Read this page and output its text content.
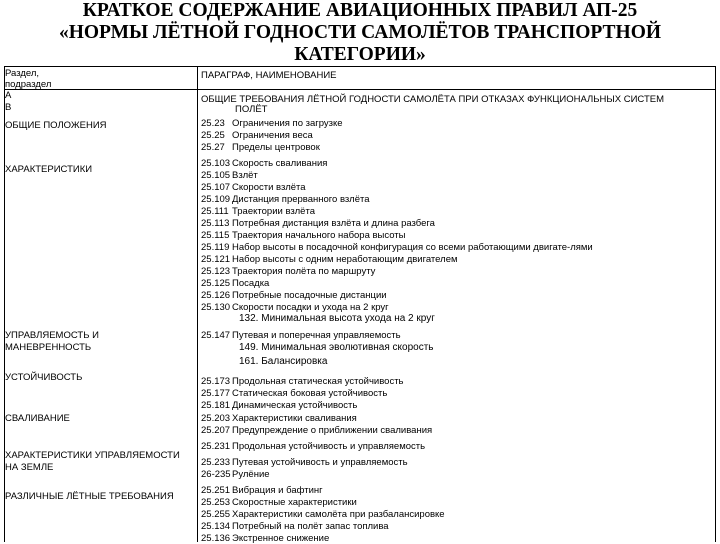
КРАТКОЕ СОДЕРЖАНИЕ АВИАЦИОННЫХ ПРАВИЛ АП-25
«НОРМЫ ЛЁТНОЙ ГОДНОСТИ САМОЛЁТОВ ТРАНСПОРТНОЙ
КАТЕГОРИИ»
Раздел,
подраздел
ПАРАГРАФ, НАИМЕНОВАНИЕ
А
В
ОБЩИЕ ПОЛОЖЕНИЯ
ХАРАКТЕРИСТИКИ
УПРАВЛЯЕМОСТЬ И
МАНЕВРЕННОСТЬ
УСТОЙЧИВОСТЬ
СВАЛИВАНИЕ
ХАРАКТЕРИСТИКИ УПРАВЛЯЕМОСТИ
НА ЗЕМЛЕ
РАЗЛИЧНЫЕ ЛЁТНЫЕ ТРЕБОВАНИЯ
ОБЩИЕ ТРЕБОВАНИЯ ЛЁТНОЙ ГОДНОСТИ САМОЛЁТА ПРИ ОТКАЗАХ ФУНКЦИОНАЛЬНЫХ СИСТЕМ
ПОЛЁТ
25.23 Ограничения по загрузке
25.25 Ограничения веса
25.27 Пределы центровок
25.103 Скорость сваливания
25.105 Взлёт
25.107 Скорости взлёта
25.109 Дистанция прерванного взлёта
25.111 Траектории взлёта
25.113 Потребная дистанция взлёта и длина разбега
25.115 Траектория начального набора высоты
25.119 Набор высоты в посадочной конфигурация со всеми работающими двигате-лями
25.121 Набор высоты с одним неработающим двигателем
25.123 Траектория полёта по маршруту
25.125 Посадка
25.126 Потребные посадочные дистанции
25.130 Скорости посадки и ухода на 2 круг
132. Минимальная высота ухода на 2 круг
25.147 Путевая и поперечная управляемость
149. Минимальная эволютивная скорость
161. Балансировка
25.173 Продольная статическая устойчивость
25.177 Статическая боковая устойчивость
25.181 Динамическая устойчивость
25.203 Характеристики сваливания
25.207 Предупреждение о приближении сваливания
25.231 Продольная устойчивость и управляемость
25.233 Путевая устойчивость и управляемость
26-235Рулёние
25.251 Вибрация и бафтинг
25.253 Скоростные характеристики
25.255 Характеристики самолёта при разбалансировке
25.134 Потребный на полёт запас топлива
25.136 Экстренное снижение
